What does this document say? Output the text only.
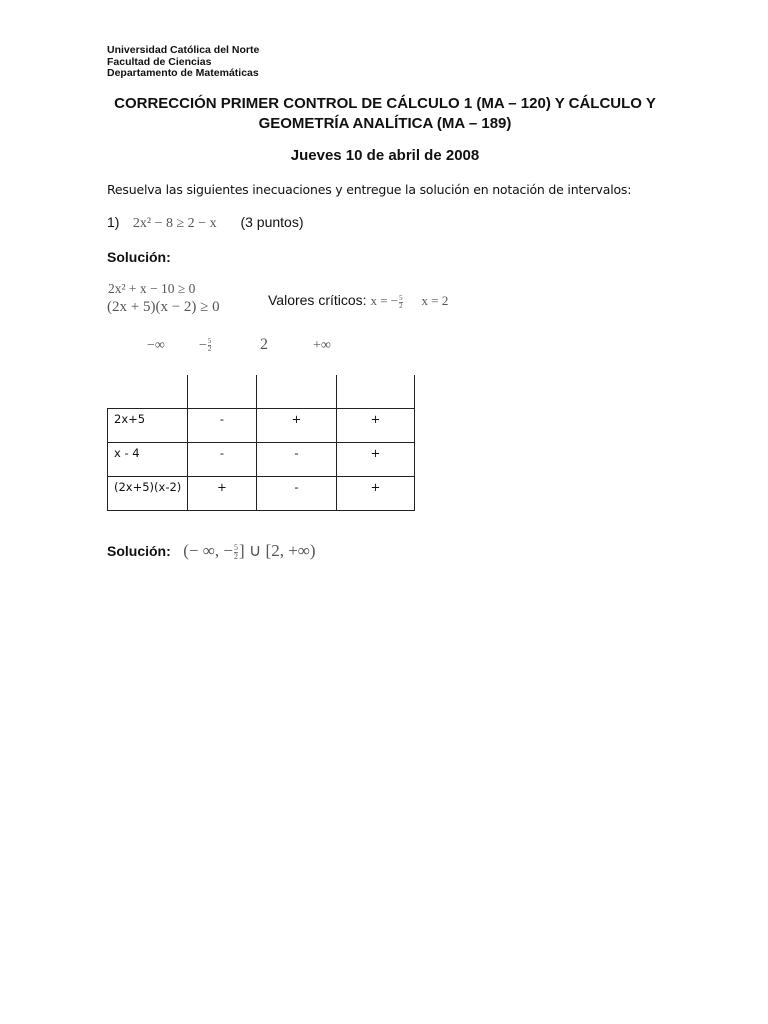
Universidad Católica del Norte
Facultad de Ciencias
Departamento de Matemáticas
CORRECCIÓN PRIMER CONTROL DE CÁLCULO 1 (MA – 120) Y CÁLCULO Y
GEOMETRÍA ANALÍTICA (MA – 189)
Jueves 10 de abril de 2008
Resuelva las siguientes inecuaciones y entregue la solución en notación de intervalos:
1) 2x² − 8 ≥ 2 − x (3 puntos)
Solución:
2x² + x − 10 ≥ 0
(2x + 5)(x − 2) ≥ 0	Valores críticos: x = − $\frac{5}{2}$ x = 2
−∞ − $\frac{5}{2}$	2	+∞

2x+5	-	+	+
x - 4	-	-	+
(2x+5)(x-2)	+	-	+
Solución: (− ∞, − $\frac{5}{2}$ ] ∪ [2, +∞)
